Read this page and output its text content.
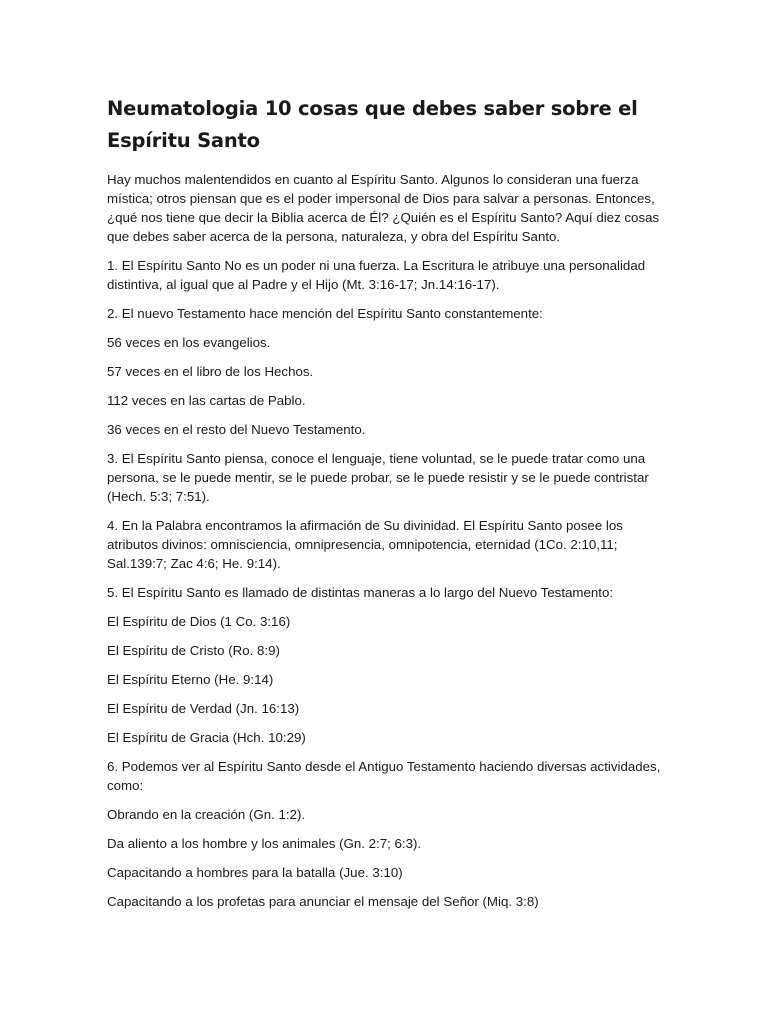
Neumatologia 10 cosas que debes saber sobre el Espíritu Santo

Hay muchos malentendidos en cuanto al Espíritu Santo. Algunos lo consideran una fuerza mística; otros piensan que es el poder impersonal de Dios para salvar a personas. Entonces, ¿qué nos tiene que decir la Biblia acerca de Él? ¿Quién es el Espíritu Santo? Aquí diez cosas que debes saber acerca de la persona, naturaleza, y obra del Espíritu Santo.

1. El Espíritu Santo No es un poder ni una fuerza. La Escritura le atribuye una personalidad distintiva, al igual que al Padre y el Hijo (Mt. 3:16-17; Jn.14:16-17).

2. El nuevo Testamento hace mención del Espíritu Santo constantemente:

56 veces en los evangelios.

57 veces en el libro de los Hechos.

112 veces en las cartas de Pablo.

36 veces en el resto del Nuevo Testamento.

3. El Espíritu Santo piensa, conoce el lenguaje, tiene voluntad, se le puede tratar como una persona, se le puede mentir, se le puede probar, se le puede resistir y se le puede contristar (Hech. 5:3; 7:51).

4. En la Palabra encontramos la afirmación de Su divinidad. El Espíritu Santo posee los atributos divinos: omnisciencia, omnipresencia, omnipotencia, eternidad (1Co. 2:10,11; Sal.139:7; Zac 4:6; He. 9:14).

5. El Espíritu Santo es llamado de distintas maneras a lo largo del Nuevo Testamento:

El Espíritu de Dios (1 Co. 3:16)

El Espíritu de Cristo (Ro. 8:9)

El Espíritu Eterno (He. 9:14)

El Espíritu de Verdad (Jn. 16:13)

El Espíritu de Gracia (Hch. 10:29)

6. Podemos ver al Espíritu Santo desde el Antiguo Testamento haciendo diversas actividades, como:

Obrando en la creación (Gn. 1:2).

Da aliento a los hombre y los animales (Gn. 2:7; 6:3).

Capacitando a hombres para la batalla (Jue. 3:10)

Capacitando a los profetas para anunciar el mensaje del Señor (Miq. 3:8)
